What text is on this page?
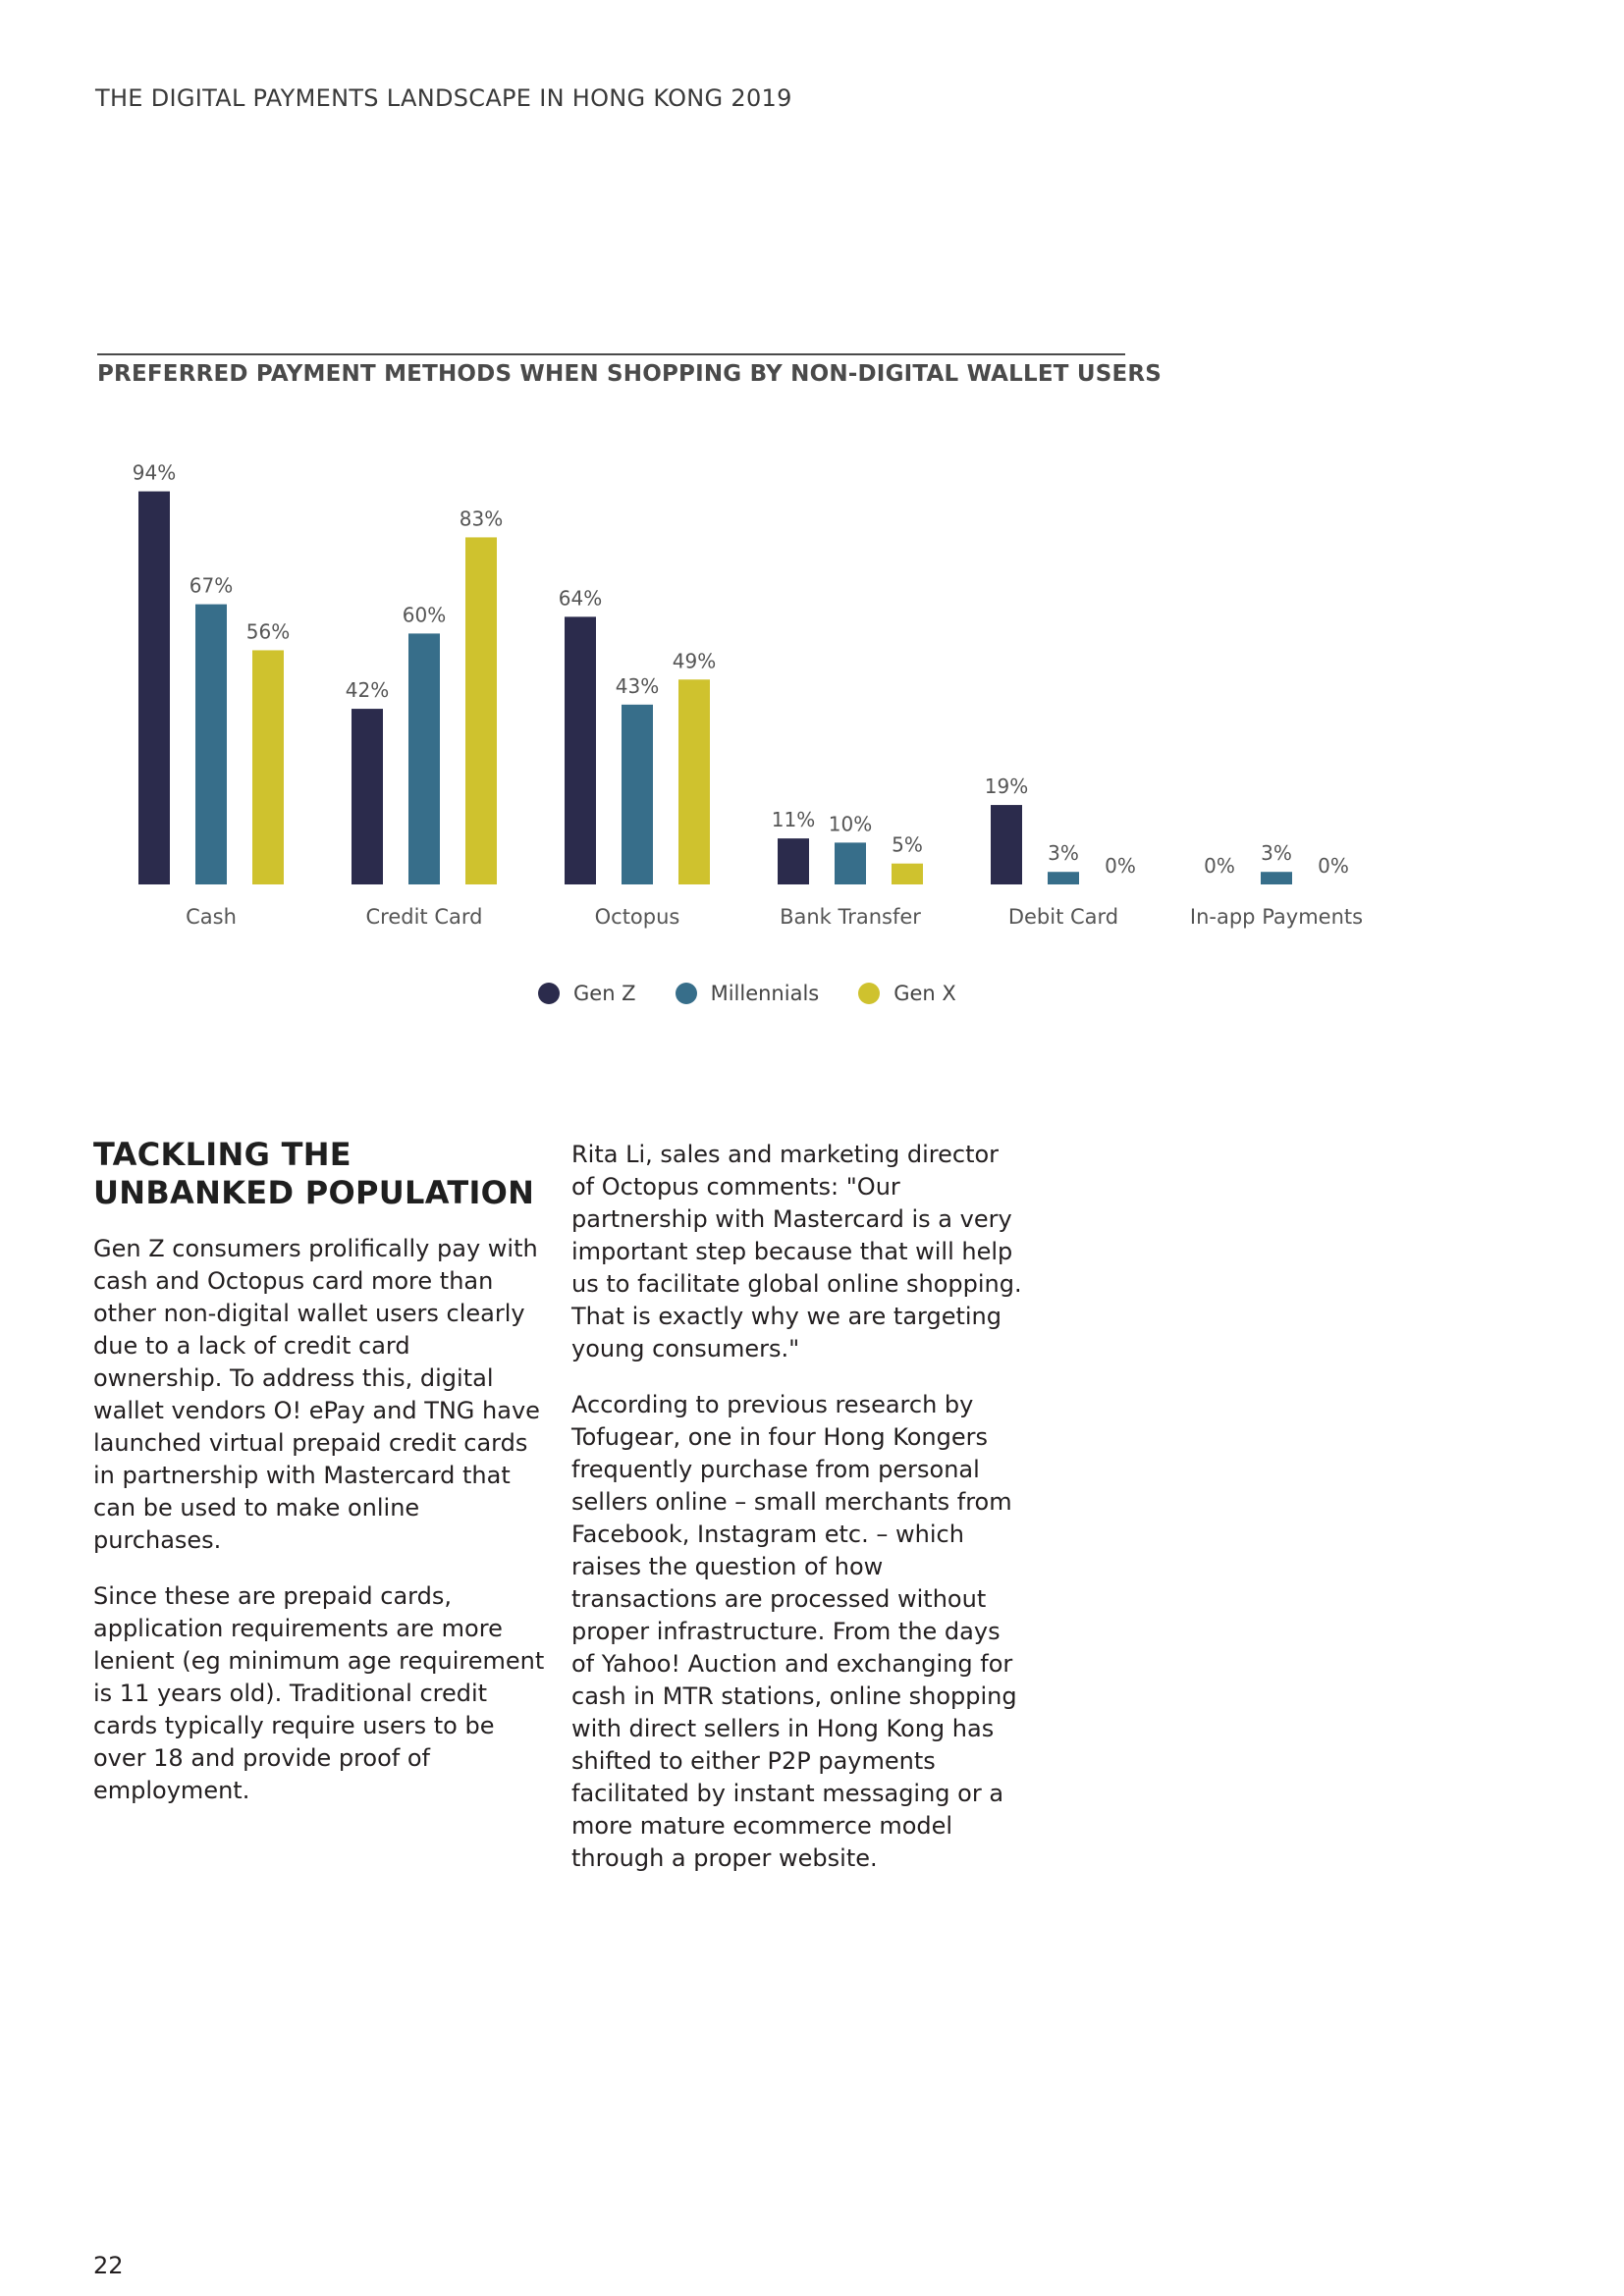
THE DIGITAL PAYMENTS LANDSCAPE IN HONG KONG 2019
PREFERRED PAYMENT METHODS WHEN SHOPPING BY NON-DIGITAL WALLET USERS
94%
67%
56%
Cash
42%
60%
83%
Credit Card
64%
43%
49%
Octopus
11% 10%
5%
Bank Transfer
19%
3%
0%
Debit Card
0%
3%
0%
In-app Payments
Gen Z	Millennials	Gen X
TACKLING THE UNBANKED POPULATION

Gen Z consumers prolifically pay with cash and Octopus card more than other non-digital wallet users clearly due to a lack of credit card ownership. To address this, digital wallet vendors O! ePay and TNG have launched virtual prepaid credit cards in partnership with Mastercard that can be used to make online purchases.

Since these are prepaid cards, application requirements are more lenient (eg minimum age requirement is 11 years old). Traditional credit cards typically require users to be over 18 and provide proof of employment.

Rita Li, sales and marketing director of Octopus comments: "Our partnership with Mastercard is a very important step because that will help us to facilitate global online shopping. That is exactly why we are targeting young consumers."

According to previous research by Tofugear, one in four Hong Kongers frequently purchase from personal sellers online – small merchants from Facebook, Instagram etc. – which raises the question of how transactions are processed without proper infrastructure. From the days of Yahoo! Auction and exchanging for cash in MTR stations, online shopping with direct sellers in Hong Kong has shifted to either P2P payments facilitated by instant messaging or a more mature ecommerce model through a proper website.

22
